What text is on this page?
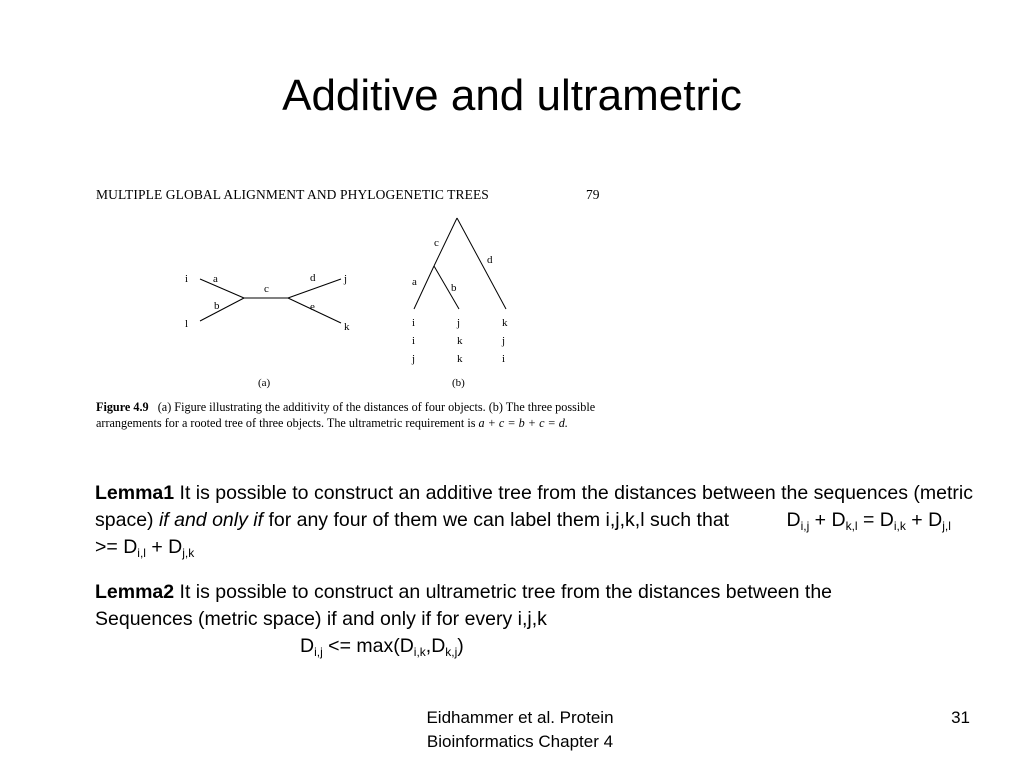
Additive and ultrametric
i a
b
l
c
d	j
e
k
(a)
c
d
a	b
i	j	k
i	k	j
j	k	i
(b)
MULTIPLE GLOBAL ALIGNMENT AND PHYLOGENETIC TREES	79
Figure 4.9 (a) Figure illustrating the additivity of the distances of four objects. (b) The three possible arrangements for a rooted tree of three objects. The ultrametric requirement is a + c = b + c = d.
Lemma1 It is possible to construct an additive tree from the distances between the sequences (metric space) if and only if for any four of them we can label them i,j,k,l such that	$D_{i,j} + D_{k,l} = D_{i,k} + D_{j,l} >= D_{i,l} + D_{j,k}$
Lemma2 It is possible to construct an ultrametric tree from the distances between the
Sequences (metric space) if and only if for every i,j,k
$D_{i,j} <= \max(D_{i,k},D_{k,j})$
Eidhammer et al. Protein
Bioinformatics Chapter 4
31
